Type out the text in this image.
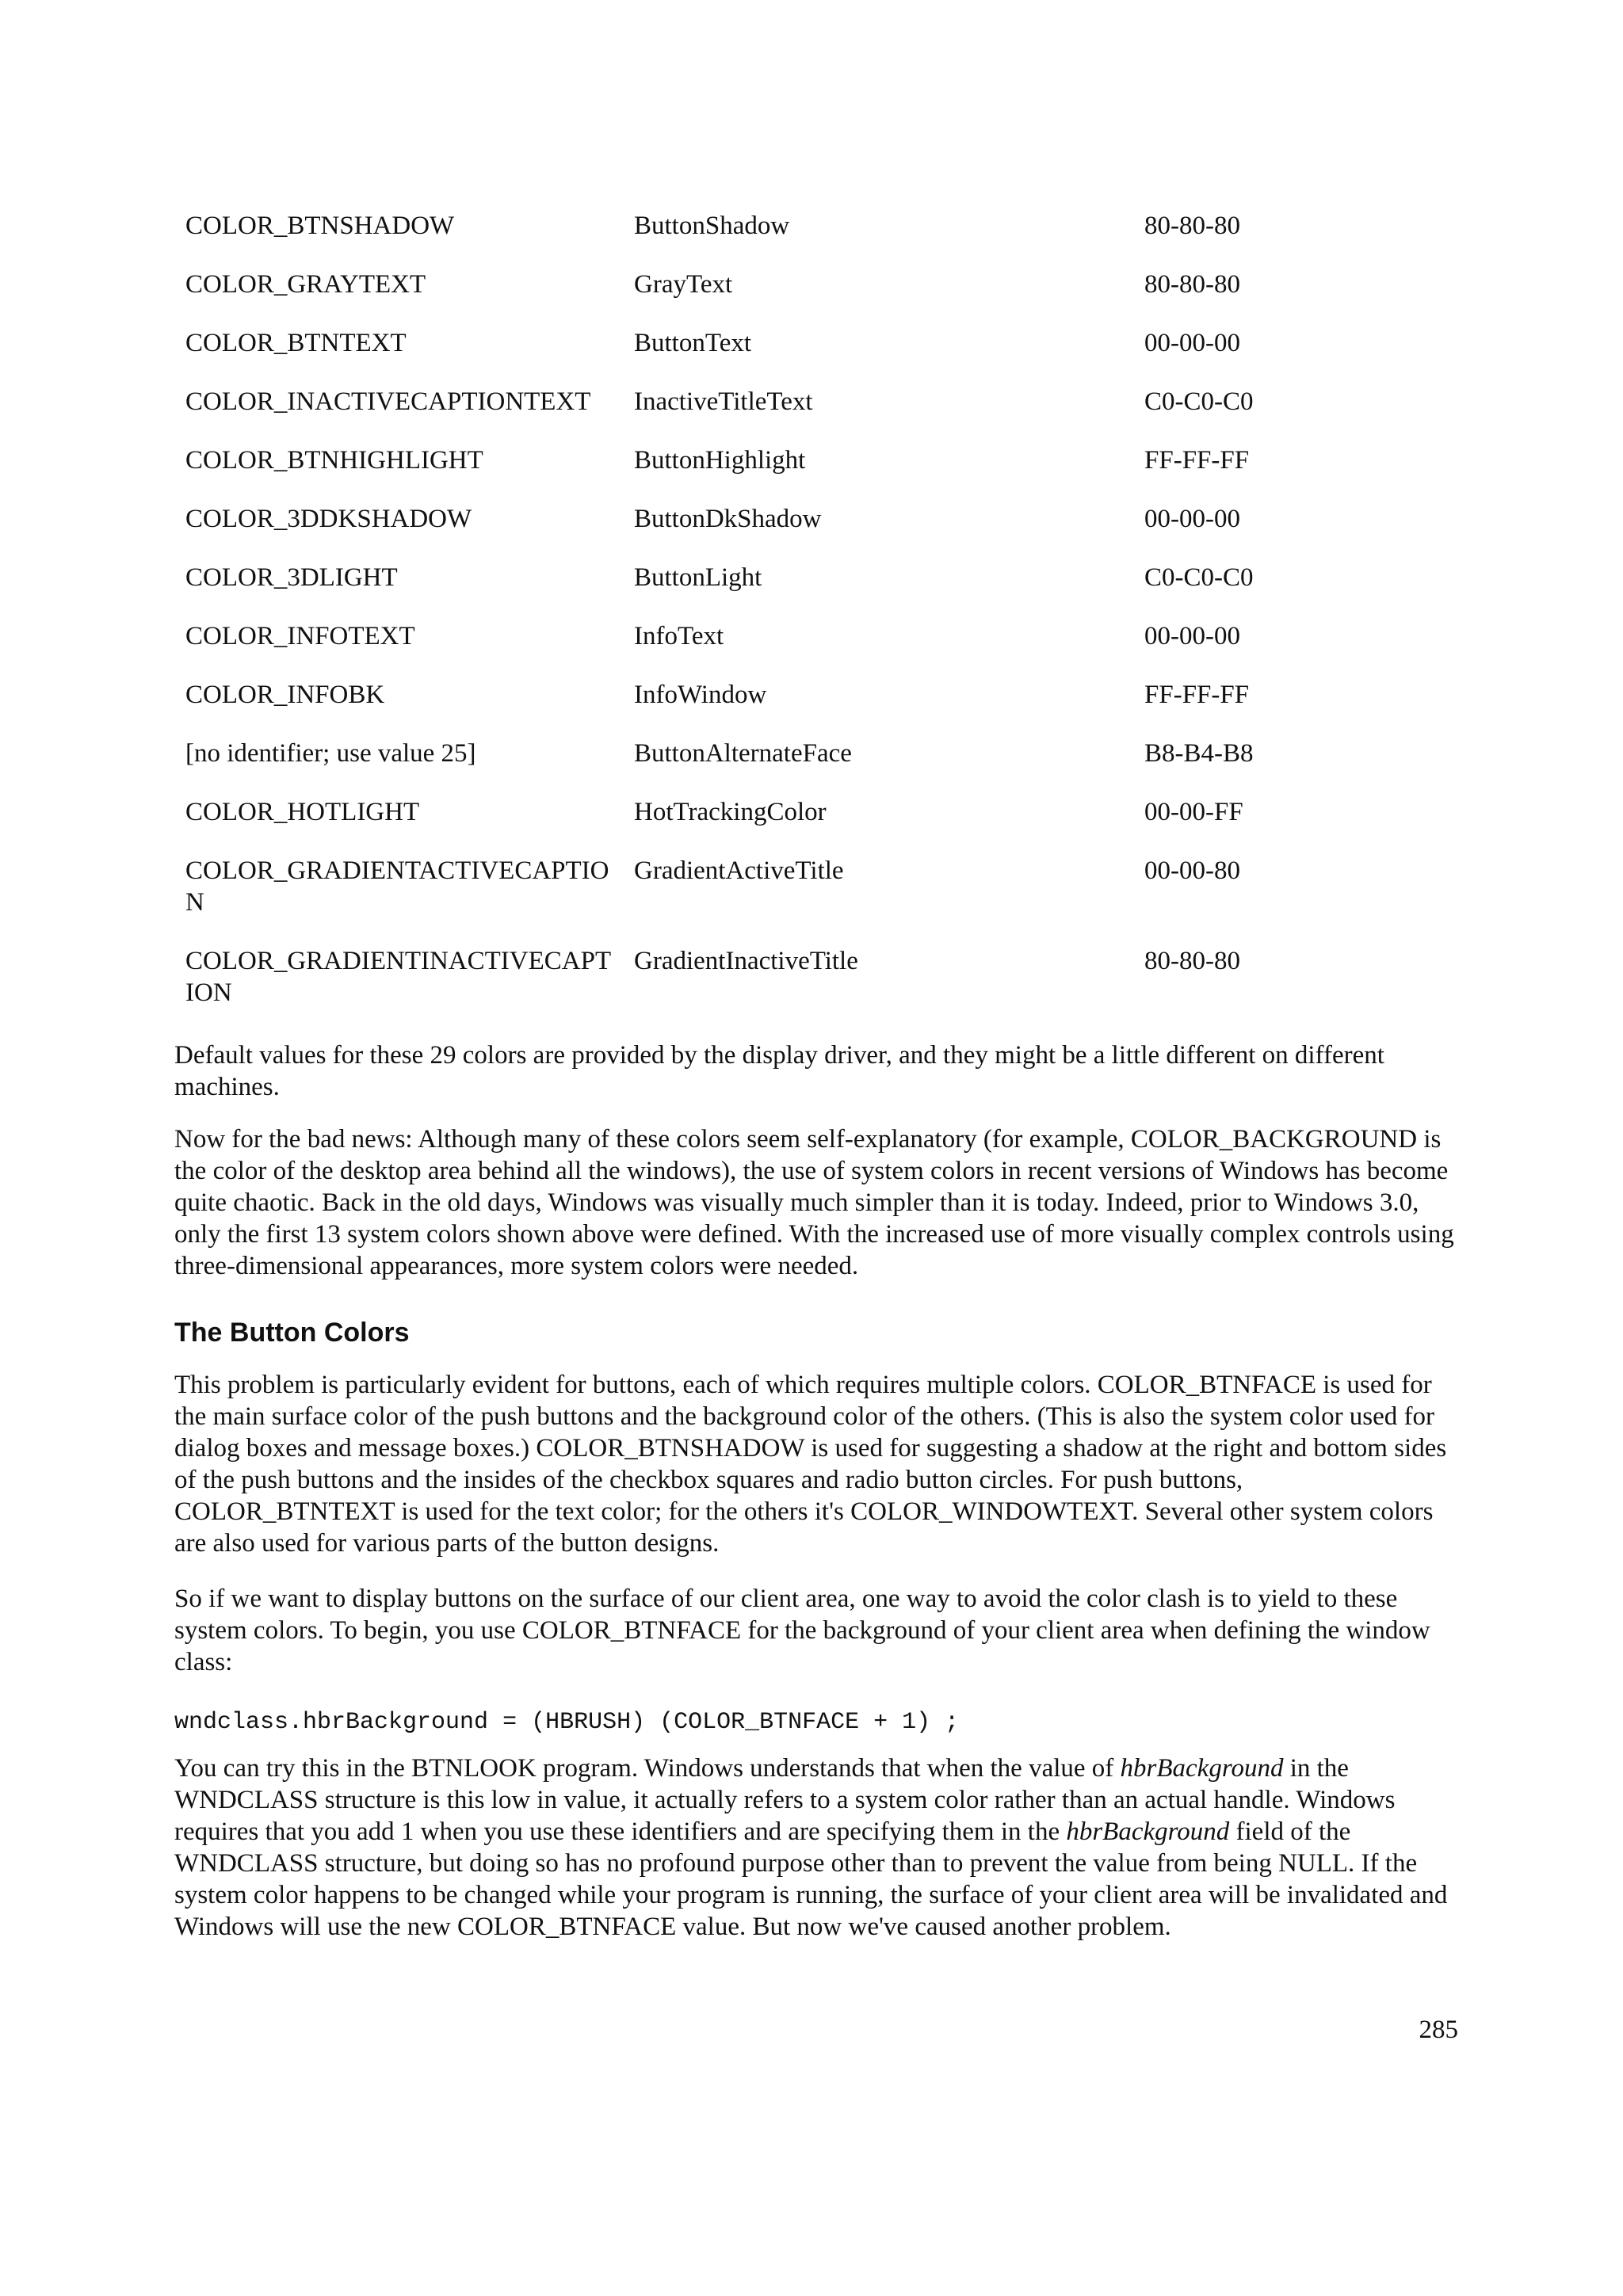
COLOR_BTNSHADOW	ButtonShadow	80-80-80
COLOR_GRAYTEXT	GrayText	80-80-80
COLOR_BTNTEXT	ButtonText	00-00-00
COLOR_INACTIVECAPTIONTEXT	InactiveTitleText	C0-C0-C0
COLOR_BTNHIGHLIGHT	ButtonHighlight	FF-FF-FF
COLOR_3DDKSHADOW	ButtonDkShadow	00-00-00
COLOR_3DLIGHT	ButtonLight	C0-C0-C0
COLOR_INFOTEXT	InfoText	00-00-00
COLOR_INFOBK	InfoWindow	FF-FF-FF
[no identifier; use value 25]	ButtonAlternateFace	B8-B4-B8
COLOR_HOTLIGHT	HotTrackingColor	00-00-FF
COLOR_GRADIENTACTIVECAPTION	GradientActiveTitle	00-00-80
COLOR_GRADIENTINACTIVECAPTION	GradientInactiveTitle	80-80-80

Default values for these 29 colors are provided by the display driver, and they might be a little different on different machines.

Now for the bad news: Although many of these colors seem self-explanatory (for example, COLOR_BACKGROUND is the color of the desktop area behind all the windows), the use of system colors in recent versions of Windows has become quite chaotic. Back in the old days, Windows was visually much simpler than it is today. Indeed, prior to Windows 3.0, only the first 13 system colors shown above were defined. With the increased use of more visually complex controls using three-dimensional appearances, more system colors were needed.

The Button Colors

This problem is particularly evident for buttons, each of which requires multiple colors. COLOR_BTNFACE is used for the main surface color of the push buttons and the background color of the others. (This is also the system color used for dialog boxes and message boxes.) COLOR_BTNSHADOW is used for suggesting a shadow at the right and bottom sides of the push buttons and the insides of the checkbox squares and radio button circles. For push buttons, COLOR_BTNTEXT is used for the text color; for the others it's COLOR_WINDOWTEXT. Several other system colors are also used for various parts of the button designs.

So if we want to display buttons on the surface of our client area, one way to avoid the color clash is to yield to these system colors. To begin, you use COLOR_BTNFACE for the background of your client area when defining the window class:

wndclass.hbrBackground = (HBRUSH) (COLOR_BTNFACE + 1) ;

You can try this in the BTNLOOK program. Windows understands that when the value of hbrBackground in the WNDCLASS structure is this low in value, it actually refers to a system color rather than an actual handle. Windows requires that you add 1 when you use these identifiers and are specifying them in the hbrBackground field of the WNDCLASS structure, but doing so has no profound purpose other than to prevent the value from being NULL. If the system color happens to be changed while your program is running, the surface of your client area will be invalidated and Windows will use the new COLOR_BTNFACE value. But now we've caused another problem.

285
